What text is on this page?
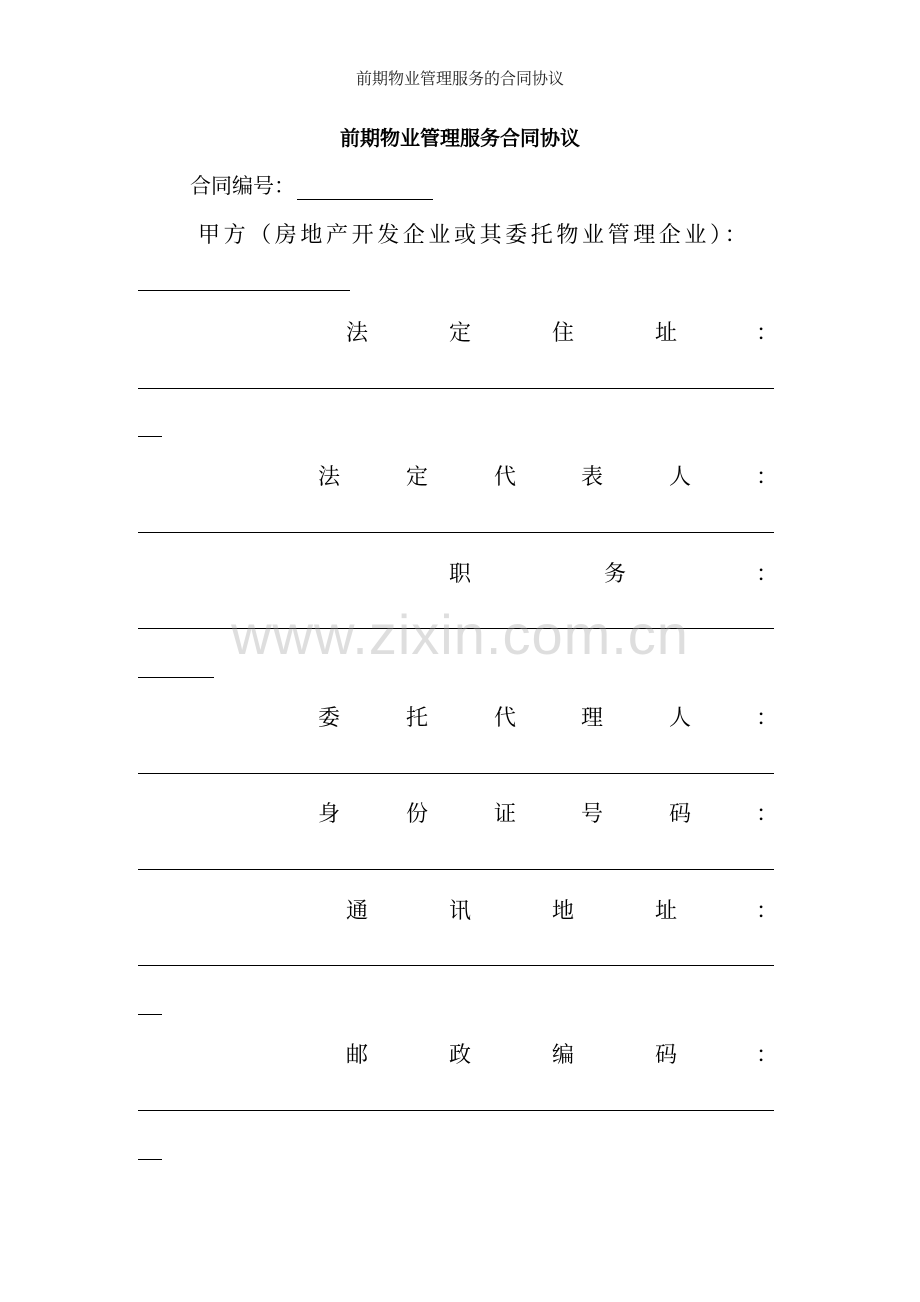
前期物业管理服务的合同协议
前期物业管理服务合同协议
合同编号：
甲方（房地产开发企业或其委托物业管理企业）：
法	定	住	址	：
法	定	代	表	人	：
职	务	：
www.zixin.com.cn
委	托	代	理	人	：
身	份	证	号	码	：
通	讯	地	址	：
邮	政	编	码	：
